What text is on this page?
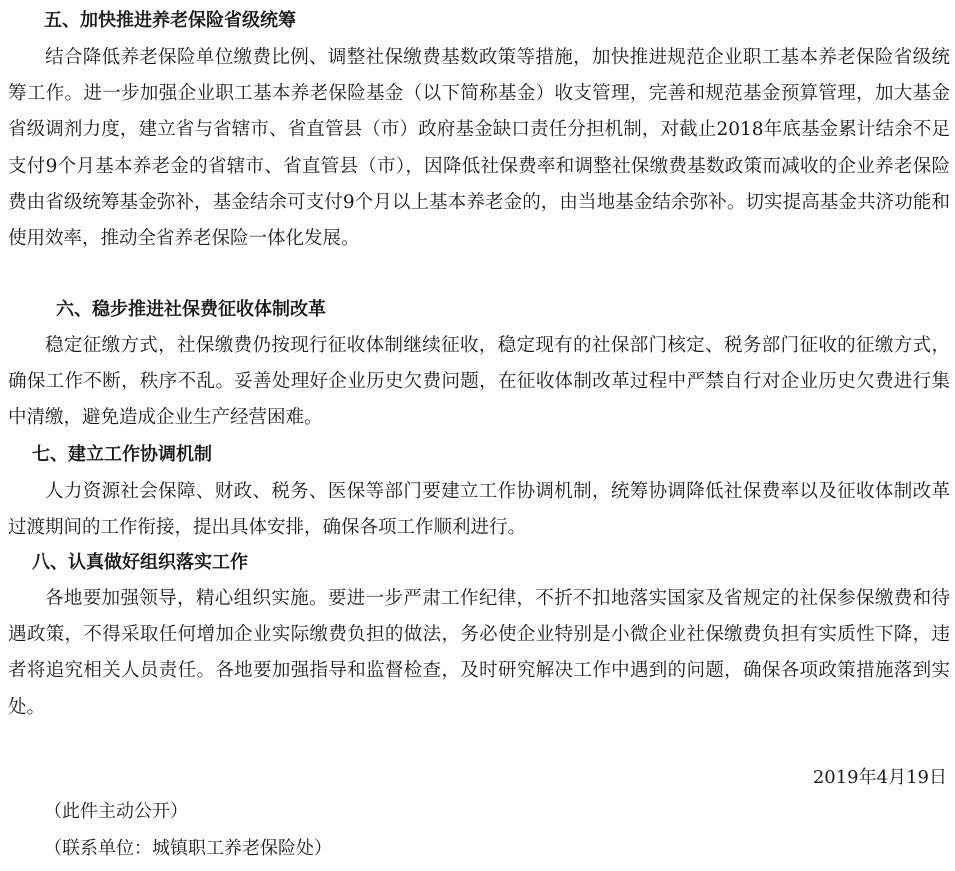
五、加快推进养老保险省级统筹

结合降低养老保险单位缴费比例、调整社保缴费基数政策等措施，加快推进规范企业职工基本养老保险省级统筹工作。进一步加强企业职工基本养老保险基金（以下简称基金）收支管理，完善和规范基金预算管理，加大基金省级调剂力度，建立省与省辖市、省直管县（市）政府基金缺口责任分担机制，对截止2018年底基金累计结余不足支付9个月基本养老金的省辖市、省直管县（市），因降低社保费率和调整社保缴费基数政策而减收的企业养老保险费由省级统筹基金弥补，基金结余可支付9个月以上基本养老金的，由当地基金结余弥补。切实提高基金共济功能和使用效率，推动全省养老保险一体化发展。

六、稳步推进社保费征收体制改革

稳定征缴方式，社保缴费仍按现行征收体制继续征收，稳定现有的社保部门核定、税务部门征收的征缴方式，确保工作不断，秩序不乱。妥善处理好企业历史欠费问题，在征收体制改革过程中严禁自行对企业历史欠费进行集中清缴，避免造成企业生产经营困难。

七、建立工作协调机制

人力资源社会保障、财政、税务、医保等部门要建立工作协调机制，统筹协调降低社保费率以及征收体制改革过渡期间的工作衔接，提出具体安排，确保各项工作顺利进行。

八、认真做好组织落实工作

各地要加强领导，精心组织实施。要进一步严肃工作纪律，不折不扣地落实国家及省规定的社保参保缴费和待遇政策，不得采取任何增加企业实际缴费负担的做法，务必使企业特别是小微企业社保缴费负担有实质性下降，违者将追究相关人员责任。各地要加强指导和监督检查，及时研究解决工作中遇到的问题，确保各项政策措施落到实处。

2019年4月19日
（此件主动公开）
（联系单位：城镇职工养老保险处）
